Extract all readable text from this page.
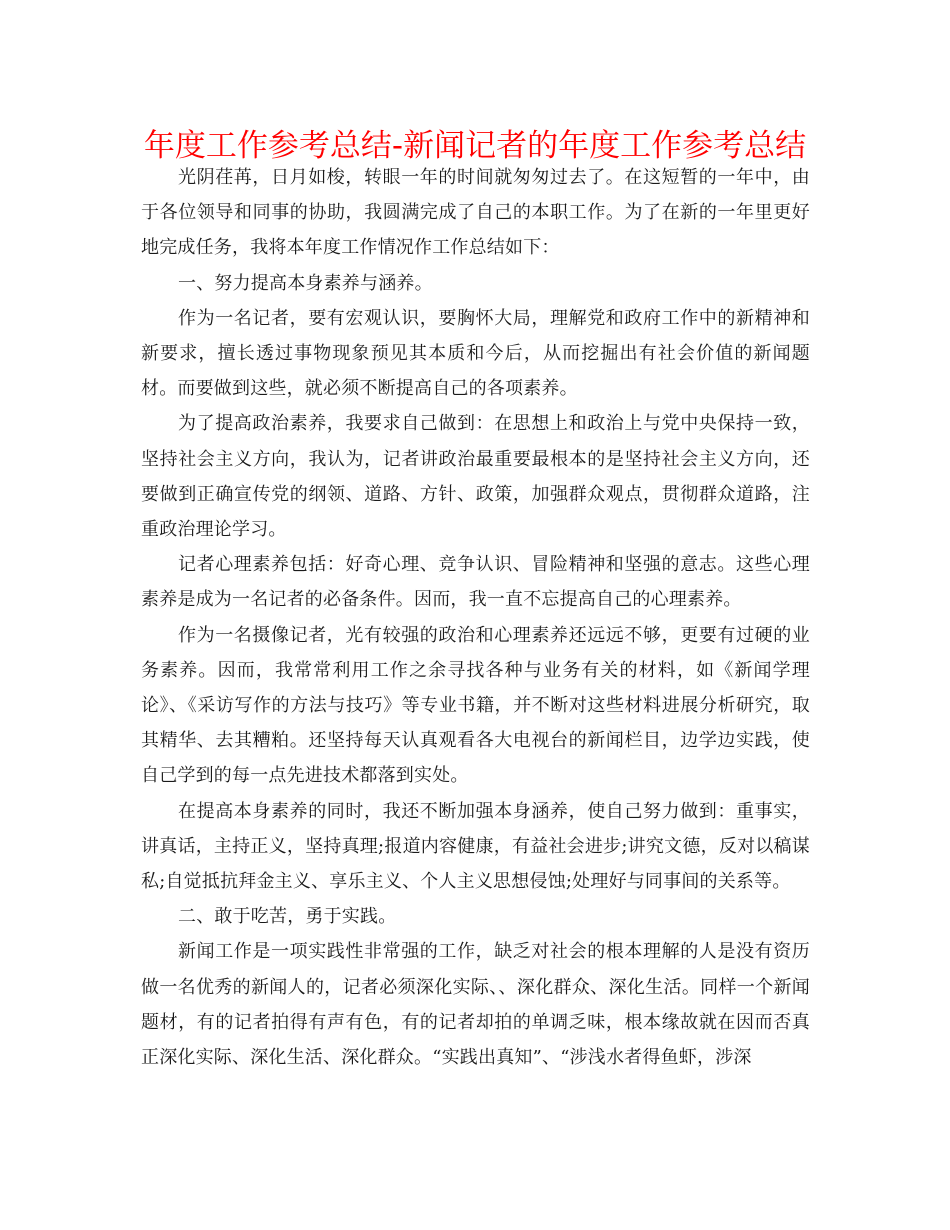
年度工作参考总结-新闻记者的年度工作参考总结

光阴荏苒，日月如梭，转眼一年的时间就匆匆过去了。在这短暂的一年中，由于各位领导和同事的协助，我圆满完成了自己的本职工作。为了在新的一年里更好地完成任务，我将本年度工作情况作工作总结如下：

一、努力提高本身素养与涵养。

作为一名记者，要有宏观认识，要胸怀大局，理解党和政府工作中的新精神和新要求，擅长透过事物现象预见其本质和今后，从而挖掘出有社会价值的新闻题材。而要做到这些，就必须不断提高自己的各项素养。

为了提高政治素养，我要求自己做到：在思想上和政治上与党中央保持一致，坚持社会主义方向，我认为，记者讲政治最重要最根本的是坚持社会主义方向，还要做到正确宣传党的纲领、道路、方针、政策，加强群众观点，贯彻群众道路，注重政治理论学习。

记者心理素养包括：好奇心理、竞争认识、冒险精神和坚强的意志。这些心理素养是成为一名记者的必备条件。因而，我一直不忘提高自己的心理素养。

作为一名摄像记者，光有较强的政治和心理素养还远远不够，更要有过硬的业务素养。因而，我常常利用工作之余寻找各种与业务有关的材料，如《新闻学理论》、《采访写作的方法与技巧》等专业书籍，并不断对这些材料进展分析研究，取其精华、去其糟粕。还坚持每天认真观看各大电视台的新闻栏目，边学边实践，使自己学到的每一点先进技术都落到实处。

在提高本身素养的同时，我还不断加强本身涵养，使自己努力做到：重事实，讲真话，主持正义，坚持真理;报道内容健康，有益社会进步;讲究文德，反对以稿谋私;自觉抵抗拜金主义、享乐主义、个人主义思想侵蚀;处理好与同事间的关系等。

二、敢于吃苦，勇于实践。

新闻工作是一项实践性非常强的工作，缺乏对社会的根本理解的人是没有资历做一名优秀的新闻人的，记者必须深化实际、、深化群众、深化生活。同样一个新闻题材，有的记者拍得有声有色，有的记者却拍的单调乏味，根本缘故就在因而否真正深化实际、深化生活、深化群众。“实践出真知”、“涉浅水者得鱼虾，涉深
